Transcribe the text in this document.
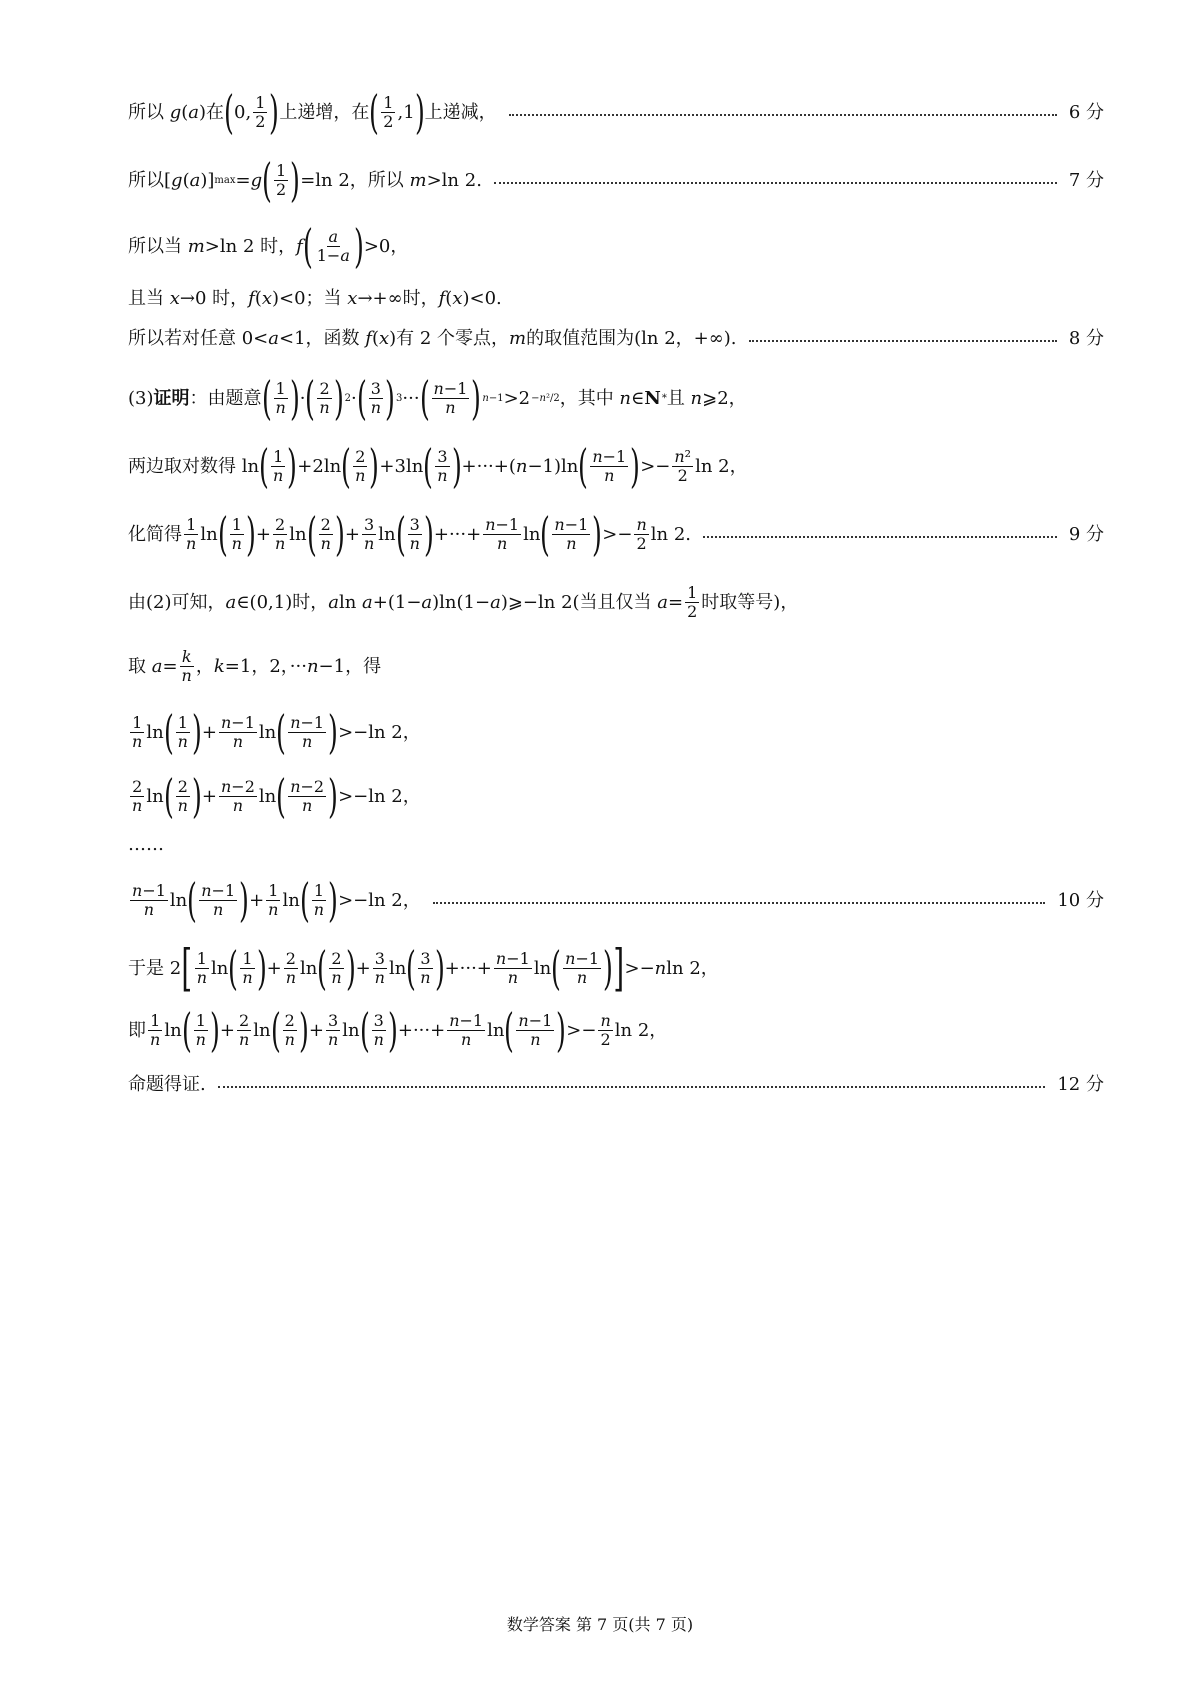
所以 g ( a )在 ( 0, $\frac{1}{2}$ ) 上递增，在 ( $\frac{1}{2} ,1$ ) 上递减，	6 分
所以[ g ( a )] max = g ( $\frac{1}{2}$ ) =ln 2，所以 m >ln 2.	7 分
所以当 m >ln 2 时， f ( $\frac{a}{1-a}$ ) >0，
且当 x →0 时， f ( x )<0；当 x →+∞时， f ( x )<0.
所以若对任意 0< a <1，函数 f ( x )有 2 个零点， m 的取值范围为(ln 2，+∞).	8 分
(3) 证明 ：由题意 ( $\frac{1}{n}$ ) · ( $\frac{2}{n}$ ) 2 · ( $\frac{3}{n}$ ) 3 ··· ( $\frac{n-1}{n}$ ) n−1 >2 −n²/2 ，其中 n ∈ N * 且 n ⩾2，
两边取对数得 ln ( $\frac{1}{n}$ ) +2ln ( $\frac{2}{n}$ ) +3ln ( $\frac{3}{n}$ ) +···+( n −1)ln ( $\frac{n-1}{n}$ ) >− $\frac{\text{n²}}{2}$ ln 2，
化简得 $\frac{1}{n}$ ln ( $\frac{1}{n}$ ) + $\frac{2}{n}$ ln ( $\frac{2}{n}$ ) + $\frac{3}{n}$ ln ( $\frac{3}{n}$ ) +···+ $\frac{n-1}{n}$ ln ( $\frac{n-1}{n}$ ) >− $\frac{n}{2}$ ln 2.	9 分
由(2)可知， a ∈(0,1)时， a ln a +(1− a )ln(1− a )⩾−ln 2(当且仅当 $a = \frac{1}{2}$ 时取等号)，
取 $a = \frac{k}{n}$ ， k =1，2，··· n −1，得
$\frac{1}{n}$ ln ( $\frac{1}{n}$ ) + $\frac{n-1}{n}$ ln ( $\frac{n-1}{n}$ ) >−ln 2，
$\frac{2}{n}$ ln ( $\frac{2}{n}$ ) + $\frac{n-2}{n}$ ln ( $\frac{n-2}{n}$ ) >−ln 2，
……
$\frac{n-1}{n}$ ln ( $\frac{n-1}{n}$ ) + $\frac{1}{n}$ ln ( $\frac{1}{n}$ ) >−ln 2，	10 分
于是 2 [ $\frac{1}{n}$ ln ( $\frac{1}{n}$ ) + $\frac{2}{n}$ ln ( $\frac{2}{n}$ ) + $\frac{3}{n}$ ln ( $\frac{3}{n}$ ) +···+ $\frac{n-1}{n}$ ln ( $\frac{n-1}{n}$ ) ] >− n ln 2，
即 $\frac{1}{n}$ ln ( $\frac{1}{n}$ ) + $\frac{2}{n}$ ln ( $\frac{2}{n}$ ) + $\frac{3}{n}$ ln ( $\frac{3}{n}$ ) +···+ $\frac{n-1}{n}$ ln ( $\frac{n-1}{n}$ ) >− $\frac{n}{2}$ ln 2，
命题得证.	12 分
数学答案 第 7 页(共 7 页)
